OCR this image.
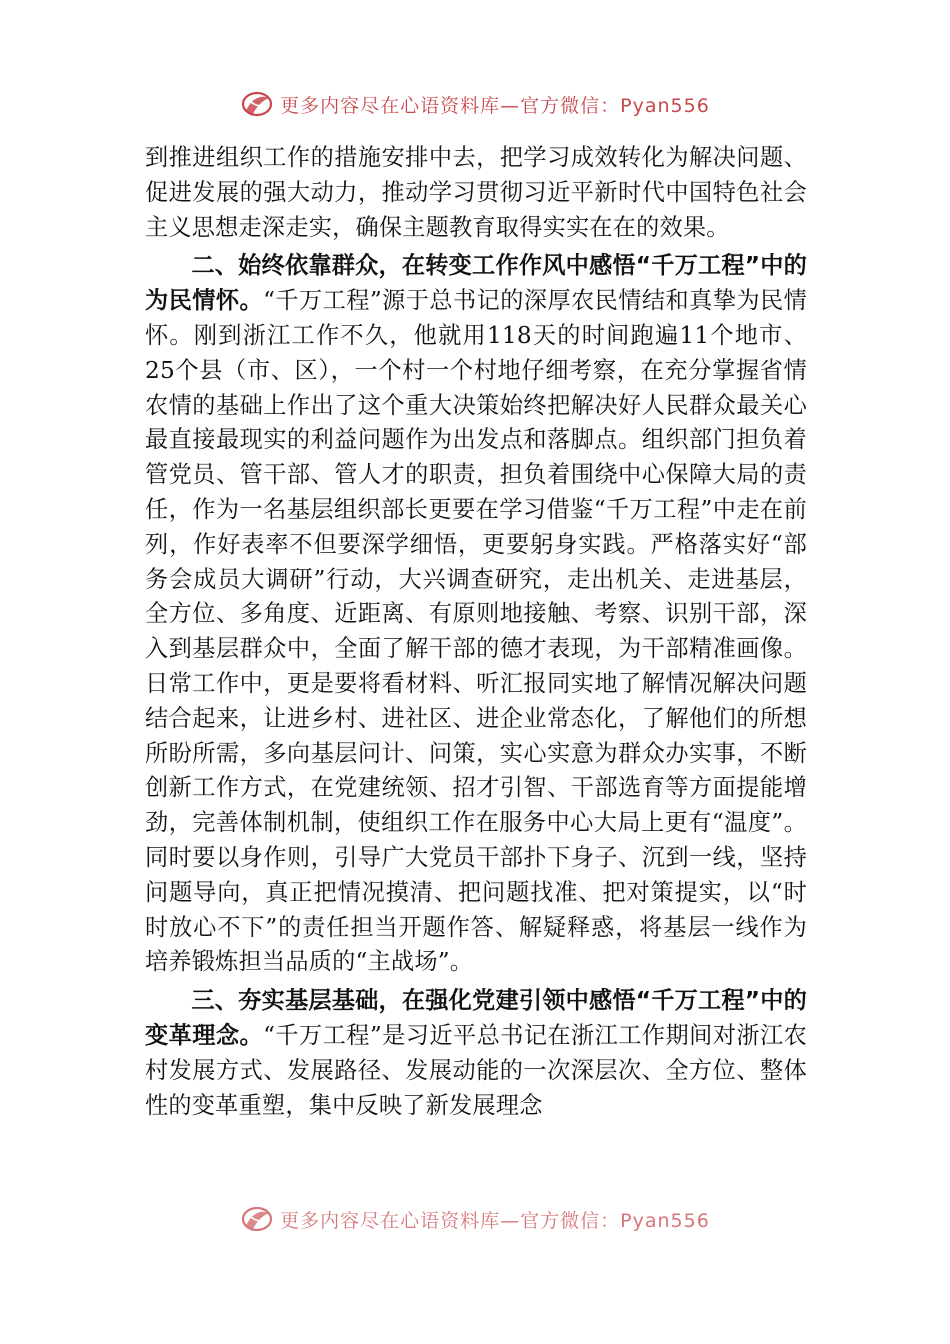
更多内容尽在心语资料库—官方微信：Pyan556

到推进组织工作的措施安排中去，把学习成效转化为解决问题、促进发展的强大动力，推动学习贯彻习近平新时代中国特色社会主义思想走深走实，确保主题教育取得实实在在的效果。

二、始终依靠群众，在转变工作作风中感悟“千万工程”中的为民情怀。“千万工程”源于总书记的深厚农民情结和真挚为民情怀。刚到浙江工作不久，他就用118天的时间跑遍11个地市、25个县（市、区），一个村一个村地仔细考察，在充分掌握省情农情的基础上作出了这个重大决策始终把解决好人民群众最关心最直接最现实的利益问题作为出发点和落脚点。组织部门担负着管党员、管干部、管人才的职责，担负着围绕中心保障大局的责任，作为一名基层组织部长更要在学习借鉴“千万工程”中走在前列，作好表率不但要深学细悟，更要躬身实践。严格落实好“部务会成员大调研”行动，大兴调查研究，走出机关、走进基层，全方位、多角度、近距离、有原则地接触、考察、识别干部，深入到基层群众中，全面了解干部的德才表现，为干部精准画像。日常工作中，更是要将看材料、听汇报同实地了解情况解决问题结合起来，让进乡村、进社区、进企业常态化，了解他们的所想所盼所需，多向基层问计、问策，实心实意为群众办实事，不断创新工作方式，在党建统领、招才引智、干部选育等方面提能增劲，完善体制机制，使组织工作在服务中心大局上更有“温度”。同时要以身作则，引导广大党员干部扑下身子、沉到一线，坚持问题导向，真正把情况摸清、把问题找准、把对策提实，以“时时放心不下”的责任担当开题作答、解疑释惑，将基层一线作为培养锻炼担当品质的“主战场”。

三、夯实基层基础，在强化党建引领中感悟“千万工程”中的变革理念。“千万工程”是习近平总书记在浙江工作期间对浙江农村发展方式、发展路径、发展动能的一次深层次、全方位、整体性的变革重塑，集中反映了新发展理念

更多内容尽在心语资料库—官方微信：Pyan556
